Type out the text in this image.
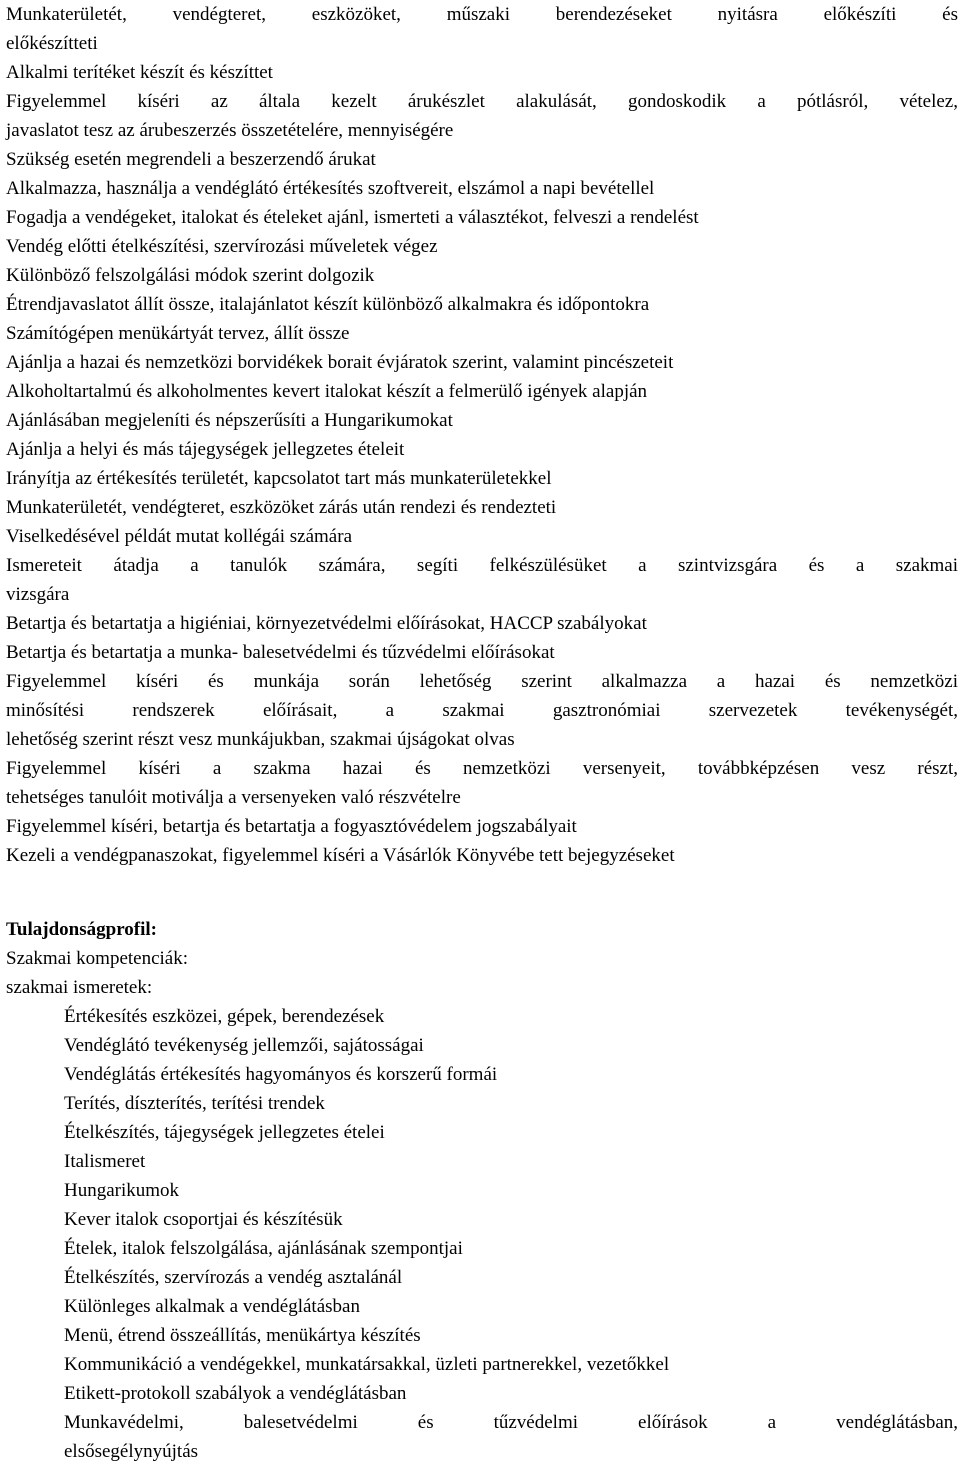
Munkaterületét, vendégteret, eszközöket, műszaki berendezéseket nyitásra előkészíti és
előkészítteti
Alkalmi terítéket készít és készíttet
Figyelemmel kíséri az általa kezelt árukészlet alakulását, gondoskodik a pótlásról, vételez,
javaslatot tesz az árubeszerzés összetételére, mennyiségére
Szükség esetén megrendeli a beszerzendő árukat
Alkalmazza, használja a vendéglátó értékesítés szoftvereit, elszámol a napi bevétellel
Fogadja a vendégeket, italokat és ételeket ajánl, ismerteti a választékot, felveszi a rendelést
Vendég előtti ételkészítési, szervírozási műveletek végez
Különböző felszolgálási módok szerint dolgozik
Étrendjavaslatot állít össze, italajánlatot készít különböző alkalmakra és időpontokra
Számítógépen menükártyát tervez, állít össze
Ajánlja a hazai és nemzetközi borvidékek borait évjáratok szerint, valamint pincészeteit
Alkoholtartalmú és alkoholmentes kevert italokat készít a felmerülő igények alapján
Ajánlásában megjeleníti és népszerűsíti a Hungarikumokat
Ajánlja a helyi és más tájegységek jellegzetes ételeit
Irányítja az értékesítés területét, kapcsolatot tart más munkaterületekkel
Munkaterületét, vendégteret, eszközöket zárás után rendezi és rendezteti
Viselkedésével példát mutat kollégái számára
Ismereteit átadja a tanulók számára, segíti felkészülésüket a szintvizsgára és a szakmai
vizsgára
Betartja és betartatja a higiéniai, környezetvédelmi előírásokat, HACCP szabályokat
Betartja és betartatja a munka- balesetvédelmi és tűzvédelmi előírásokat
Figyelemmel kíséri és munkája során lehetőség szerint alkalmazza a hazai és nemzetközi
minősítési rendszerek előírásait, a szakmai gasztronómiai szervezetek tevékenységét,
lehetőség szerint részt vesz munkájukban, szakmai újságokat olvas
Figyelemmel kíséri a szakma hazai és nemzetközi versenyeit, továbbképzésen vesz részt,
tehetséges tanulóit motiválja a versenyeken való részvételre
Figyelemmel kíséri, betartja és betartatja a fogyasztóvédelem jogszabályait
Kezeli a vendégpanaszokat, figyelemmel kíséri a Vásárlók Könyvébe tett bejegyzéseket
Tulajdonságprofil:
Szakmai kompetenciák:
szakmai ismeretek:
Értékesítés eszközei, gépek, berendezések
Vendéglátó tevékenység jellemzői, sajátosságai
Vendéglátás értékesítés hagyományos és korszerű formái
Terítés, díszterítés, terítési trendek
Ételkészítés, tájegységek jellegzetes ételei
Italismeret
Hungarikumok
Kever italok csoportjai és készítésük
Ételek, italok felszolgálása, ajánlásának szempontjai
Ételkészítés, szervírozás a vendég asztalánál
Különleges alkalmak a vendéglátásban
Menü, étrend összeállítás, menükártya készítés
Kommunikáció a vendégekkel, munkatársakkal, üzleti partnerekkel, vezetőkkel
Etikett-protokoll szabályok a vendéglátásban
Munkavédelmi, balesetvédelmi és tűzvédelmi előírások a vendéglátásban,
elsősegélynyújtás
